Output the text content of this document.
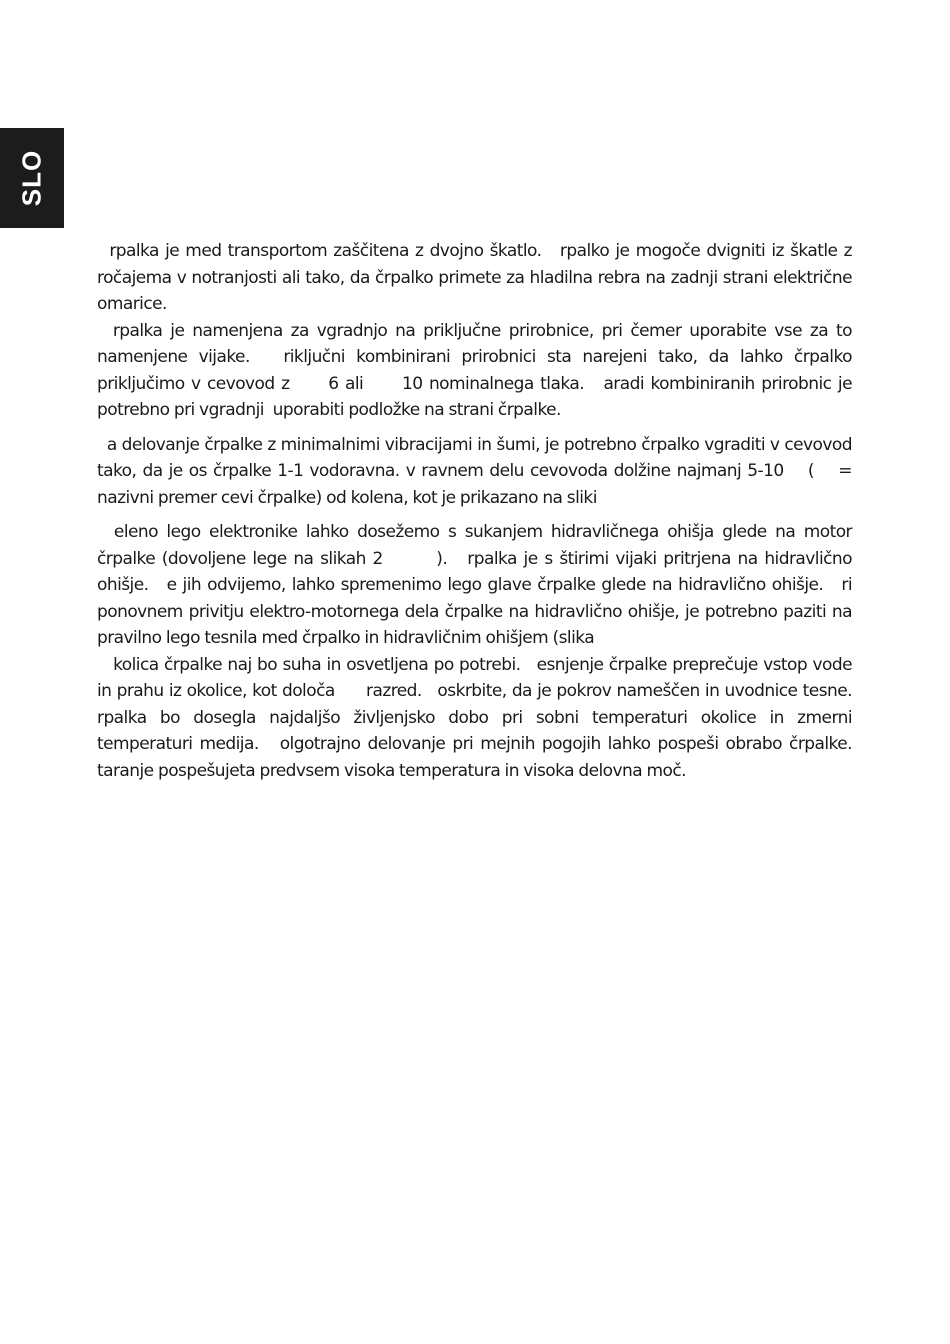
SLO

rpalka je med transportom zaščitena z dvojno škatlo.   rpalko je mogoče dvigniti iz škatle z ročajema v notranjosti ali tako, da črpalko primete za hladilna rebra na zadnji strani električne omarice.

rpalka je namenjena za vgradnjo na priključne prirobnice, pri čemer uporabite vse za to namenjene vijake.   riključni kombinirani prirobnici sta narejeni tako, da lahko črpalko priključimo v cevovod z      6 ali      10 nominalnega tlaka.   aradi kombiniranih prirobnic je potrebno pri vgradnji  uporabiti podložke na strani črpalke.

a delovanje črpalke z minimalnimi vibracijami in šumi, je potrebno črpalko vgraditi v cevovod tako, da je os črpalke 1-1 vodoravna. v ravnem delu cevovoda dolžine najmanj 5-10    (    = nazivni premer cevi črpalke) od kolena, kot je prikazano na sliki

eleno lego elektronike lahko dosežemo s sukanjem hidravličnega ohišja glede na motor črpalke (dovoljene lege na slikah 2        ).   rpalka je s štirimi vijaki pritrjena na hidravlično ohišje.   e jih odvijemo, lahko spremenimo lego glave črpalke glede na hidravlično ohišje.   ri ponovnem privitju elektro-motornega dela črpalke na hidravlično ohišje, je potrebno paziti na pravilno lego tesnila med črpalko in hidravličnim ohišjem (slika

kolica črpalke naj bo suha in osvetljena po potrebi.   esnjenje črpalke preprečuje vstop vode in prahu iz okolice, kot določa      razred.   oskrbite, da je pokrov nameščen in uvodnice tesne.   rpalka bo dosegla najdaljšo življenjsko dobo pri sobni temperaturi okolice in zmerni temperaturi medija.   olgotrajno delovanje pri mejnih pogojih lahko pospeši obrabo črpalke.   taranje pospešujeta predvsem visoka temperatura in visoka delovna moč.
